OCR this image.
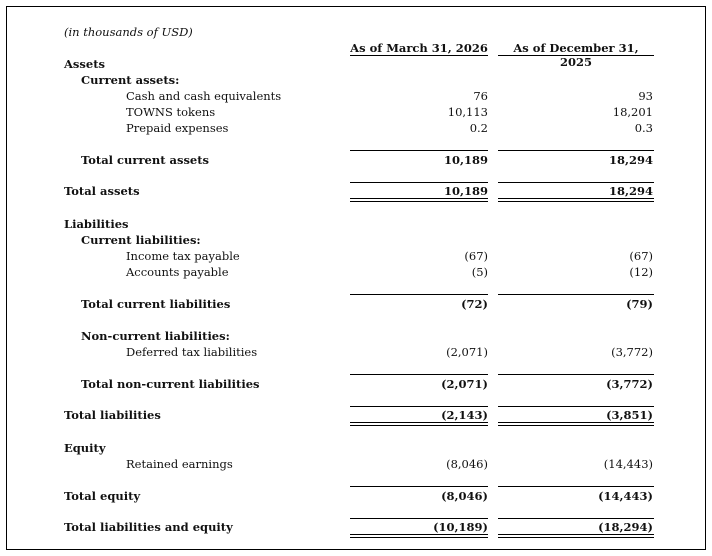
(in thousands of USD)
As of March 31, 2026	As of December 31, 2025
Assets
Current assets:
Cash and cash equivalents	76	93
TOWNS tokens	10,113	18,201
Prepaid expenses	0.2	0.3
Total current assets	10,189	18,294
Total assets	10,189	18,294
Liabilities
Current liabilities:
Income tax payable	(67)	(67)
Accounts payable	(5)	(12)
Total current liabilities	(72)	(79)
Non-current liabilities:
Deferred tax liabilities	(2,071)	(3,772)
Total non-current liabilities	(2,071)	(3,772)
Total liabilities	(2,143)	(3,851)
Equity
Retained earnings	(8,046)	(14,443)
Total equity	(8,046)	(14,443)
Total liabilities and equity	(10,189)	(18,294)
